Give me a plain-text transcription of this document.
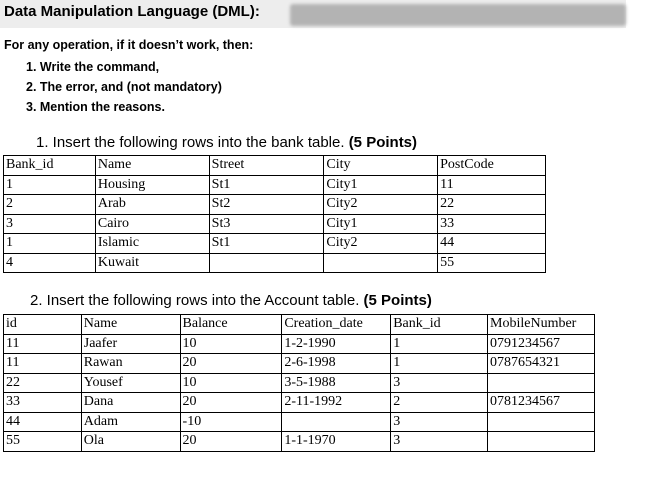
Data Manipulation Language (DML):
For any operation, if it doesn’t work, then:
1. Write the command,
2. The error, and (not mandatory)
3. Mention the reasons.
1. Insert the following rows into the bank table. (5 Points)
Bank_id	Name	Street	City	PostCode
1	Housing	St1	City1	11
2	Arab	St2	City2	22
3	Cairo	St3	City1	33
1	Islamic	St1	City2	44
4	Kuwait			55
2. Insert the following rows into the Account table. (5 Points)
id	Name	Balance	Creation_date	Bank_id	MobileNumber
11	Jaafer	10	1-2-1990	1	0791234567
11	Rawan	20	2-6-1998	1	0787654321
22	Yousef	10	3-5-1988	3	
33	Dana	20	2-11-1992	2	0781234567
44	Adam	-10		3	
55	Ola	20	1-1-1970	3	
